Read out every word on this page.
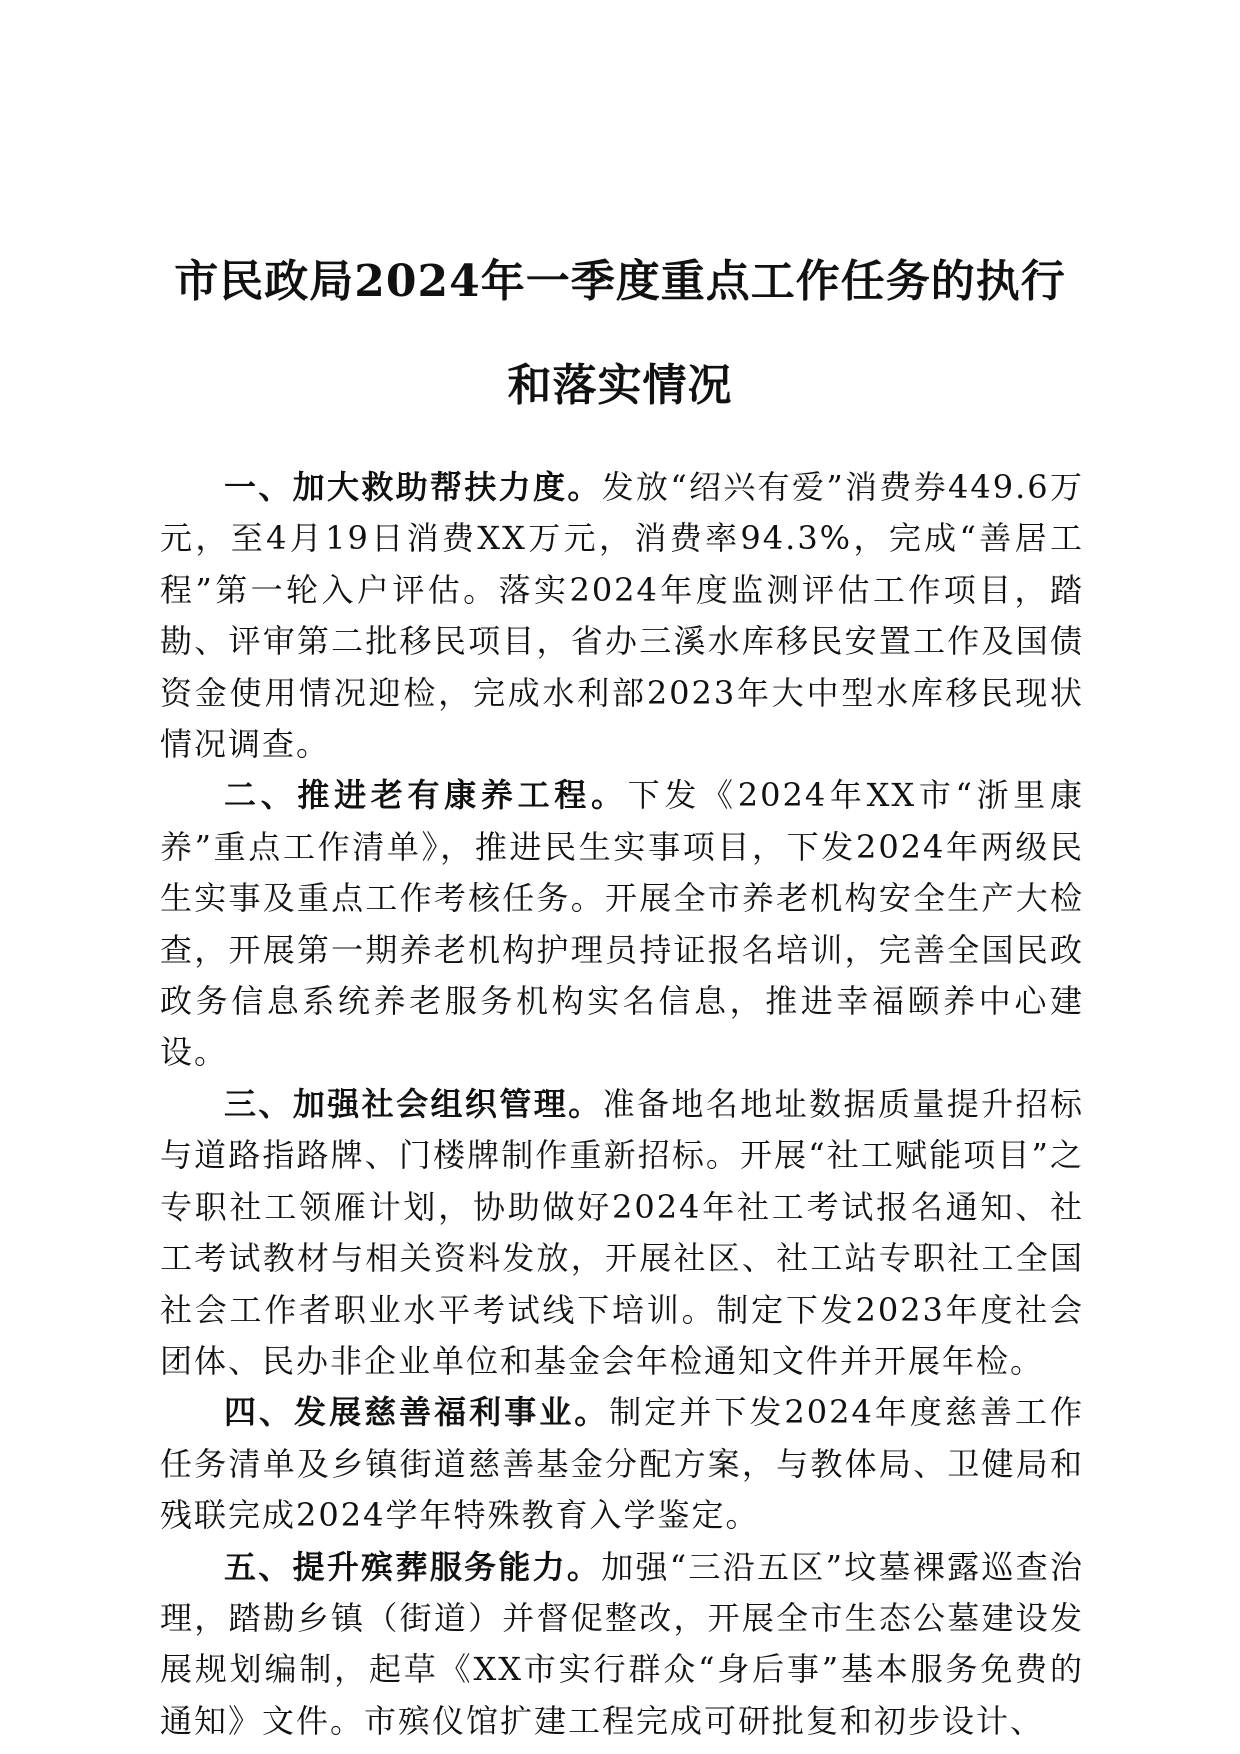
市民政局2024年一季度重点工作任务的执行
和落实情况

一、加大救助帮扶力度。发放“绍兴有爱”消费券449.6万元，至4月19日消费XX万元，消费率94.3%，完成“善居工程”第一轮入户评估。落实2024年度监测评估工作项目，踏勘、评审第二批移民项目，省办三溪水库移民安置工作及国债资金使用情况迎检，完成水利部2023年大中型水库移民现状情况调查。

二、推进老有康养工程。下发《2024年XX市“浙里康养”重点工作清单》，推进民生实事项目，下发2024年两级民生实事及重点工作考核任务。开展全市养老机构安全生产大检查，开展第一期养老机构护理员持证报名培训，完善全国民政政务信息系统养老服务机构实名信息，推进幸福颐养中心建设。

三、加强社会组织管理。准备地名地址数据质量提升招标与道路指路牌、门楼牌制作重新招标。开展“社工赋能项目”之专职社工领雁计划，协助做好2024年社工考试报名通知、社工考试教材与相关资料发放，开展社区、社工站专职社工全国社会工作者职业水平考试线下培训。制定下发2023年度社会团体、民办非企业单位和基金会年检通知文件并开展年检。

四、发展慈善福利事业。制定并下发2024年度慈善工作任务清单及乡镇街道慈善基金分配方案，与教体局、卫健局和残联完成2024学年特殊教育入学鉴定。

五、提升殡葬服务能力。加强“三沿五区”坟墓裸露巡查治理，踏勘乡镇（街道）并督促整改，开展全市生态公墓建设发展规划编制，起草《XX市实行群众“身后事”基本服务免费的通知》文件。市殡仪馆扩建工程完成可研批复和初步设计、
